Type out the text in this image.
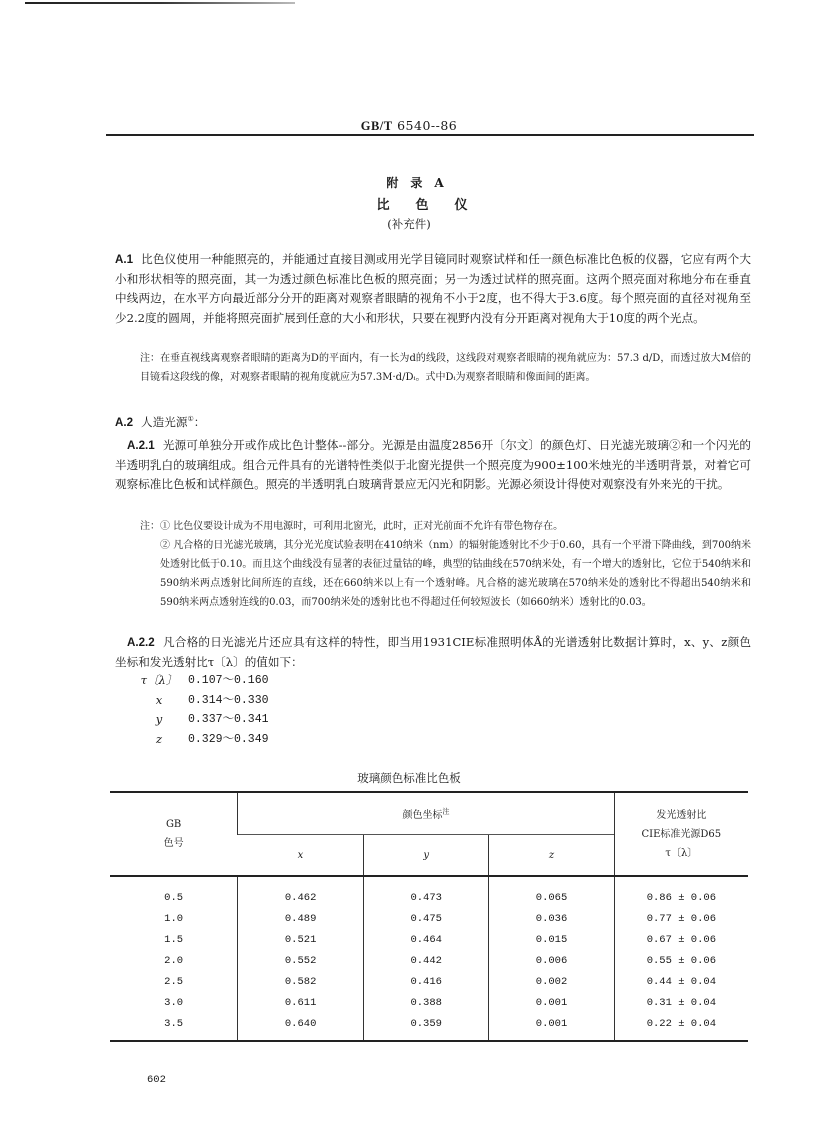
GB/T 6540--86
附录A
比色仪
(补充件)
A.1 比色仪使用一种能照亮的，并能通过直接目测或用光学目镜同时观察试样和任一颜色标准比色板的仪器，它应有两个大小和形状相等的照亮面，其一为透过颜色标准比色板的照亮面；另一为透过试样的照亮面。这两个照亮面对称地分布在垂直中线两边，在水平方向最近部分分开的距离对观察者眼睛的视角不小于2度，也不得大于3.6度。每个照亮面的直径对视角至少2.2度的圆周，并能将照亮面扩展到任意的大小和形状，只要在视野内没有分开距离对视角大于10度的两个光点。
注：在垂直视线离观察者眼睛的距离为D的平面内，有一长为d的线段，这线段对观察者眼睛的视角就应为：57.3 d/D，而透过放大M倍的目镜看这段线的像，对观察者眼睛的视角度就应为57.3M·d/Dᵢ。式中Dᵢ为观察者眼睛和像面间的距离。
A.2 人造光源①：
A.2.1 光源可单独分开或作成比色计整体--部分。光源是由温度2856开〔尔文〕的颜色灯、日光滤光玻璃②和一个闪光的半透明乳白的玻璃组成。组合元件具有的光谱特性类似于北窗光提供一个照亮度为900±100米烛光的半透明背景，对着它可观察标准比色板和试样颜色。照亮的半透明乳白玻璃背景应无闪光和阴影。光源必须设计得使对观察没有外来光的干扰。
注：① 比色仪要设计成为不用电源时，可利用北窗光，此时，正对光前面不允许有带色物存在。
② 凡合格的日光滤光玻璃，其分光光度试验表明在410纳米（nm）的辐射能透射比不少于0.60，具有一个平滑下降曲线，到700纳米处透射比低于0.10。而且这个曲线没有显著的表征过量钴的峰，典型的钴曲线在570纳米处，有一个增大的透射比，它位于540纳米和590纳米两点透射比间所连的直线，还在660纳米以上有一个透射峰。凡合格的滤光玻璃在570纳米处的透射比不得超出540纳米和590纳米两点透射连线的0.03，而700纳米处的透射比也不得超过任何较短波长（如660纳米）透射比的0.03。
A.2.2 凡合格的日光滤光片还应具有这样的特性，即当用1931CIE标准照明体Å的光谱透射比数据计算时，x、y、z颜色坐标和发光透射比τ〔λ〕的值如下：
τ〔λ〕 0.107～0.160
x	0.314～0.330
y	0.337～0.341
z	0.329～0.349
玻璃颜色标准比色板
GB
色号
	颜色坐标$^注$	发光透射比
CIE标准光源D65
τ〔λ〕

	x	y	z	
0.5	0.462	0.473	0.065	0.86 ± 0.06
1.0	0.489	0.475	0.036	0.77 ± 0.06
1.5	0.521	0.464	0.015	0.67 ± 0.06
2.0	0.552	0.442	0.006	0.55 ± 0.06
2.5	0.582	0.416	0.002	0.44 ± 0.04
3.0	0.611	0.388	0.001	0.31 ± 0.04
3.5	0.640	0.359	0.001	0.22 ± 0.04
602
